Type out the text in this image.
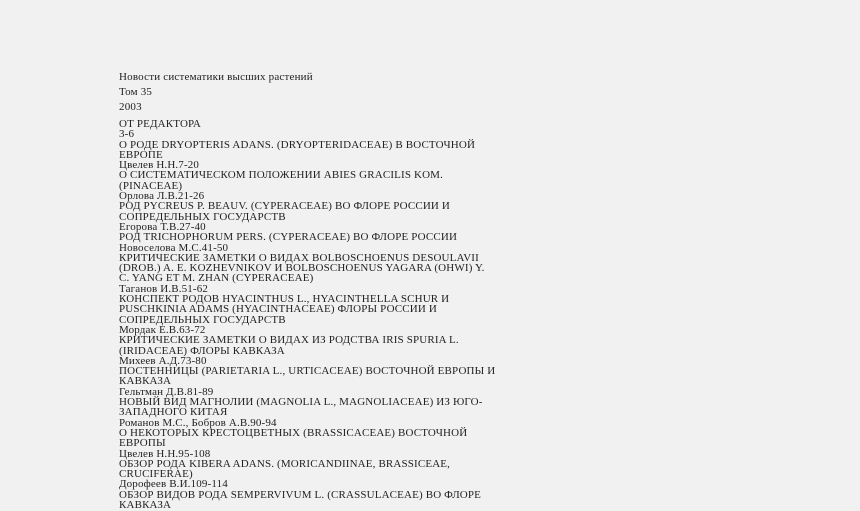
Новости систематики высших растений
Том 35
2003
ОТ РЕДАКТОРА
3-6
О РОДЕ DRYOPTERIS ADANS. (DRYOPTERIDACEAE) В ВОСТОЧНОЙ
ЕВРОПЕ
Цвелев Н.Н.7-20
О СИСТЕМАТИЧЕСКОМ ПОЛОЖЕНИИ ABIES GRACILIS KOM.
(PINACEAE)
Орлова Л.В.21-26
РОД PYCREUS P. BEAUV. (CYPERACEAE) ВО ФЛОРЕ РОССИИ И
СОПРЕДЕЛЬНЫХ ГОСУДАРСТВ
Егорова Т.В.27-40
РОД TRICHOPHORUM PERS. (CYPERACEAE) ВО ФЛОРЕ РОССИИ
Новоселова М.С.41-50
КРИТИЧЕСКИЕ ЗАМЕТКИ О ВИДАХ BOLBOSCHOENUS DESOULAVII
(DROB.) A. E. KOZHEVNIKOV И BOLBOSCHOENUS YAGARA (OHWI) Y.
C. YANG ET M. ZHAN (CYPERACEAE)
Таганов И.В.51-62
КОНСПЕКТ РОДОВ HYACINTHUS L., HYACINTHELLA SCHUR И
PUSCHKINIA ADAMS (HYACINTHACEAE) ФЛОРЫ РОССИИ И
СОПРЕДЕЛЬНЫХ ГОСУДАРСТВ
Мордак Е.В.63-72
КРИТИЧЕСКИЕ ЗАМЕТКИ О ВИДАХ ИЗ РОДСТВА IRIS SPURIA L.
(IRIDACEAE) ФЛОРЫ КАВКАЗА
Михеев А.Д.73-80
ПОСТЕННИЦЫ (PARIETARIA L., URTICACEAE) ВОСТОЧНОЙ ЕВРОПЫ И
КАВКАЗА
Гельтман Д.В.81-89
НОВЫЙ ВИД МАГНОЛИИ (MAGNOLIA L., MAGNOLIACEAE) ИЗ ЮГО-
ЗАПАДНОГО КИТАЯ
Романов М.С., Бобров А.В.90-94
О НЕКОТОРЫХ КРЕСТОЦВЕТНЫХ (BRASSICACEAE) ВОСТОЧНОЙ
ЕВРОПЫ
Цвелев Н.Н.95-108
ОБЗОР РОДА KIBERA ADANS. (MORICANDIINAE, BRASSICEAE,
CRUCIFERAE)
Дорофеев В.И.109-114
ОБЗОР ВИДОВ РОДА SEMPERVIVUM L. (CRASSULACEAE) ВО ФЛОРЕ
КАВКАЗА
